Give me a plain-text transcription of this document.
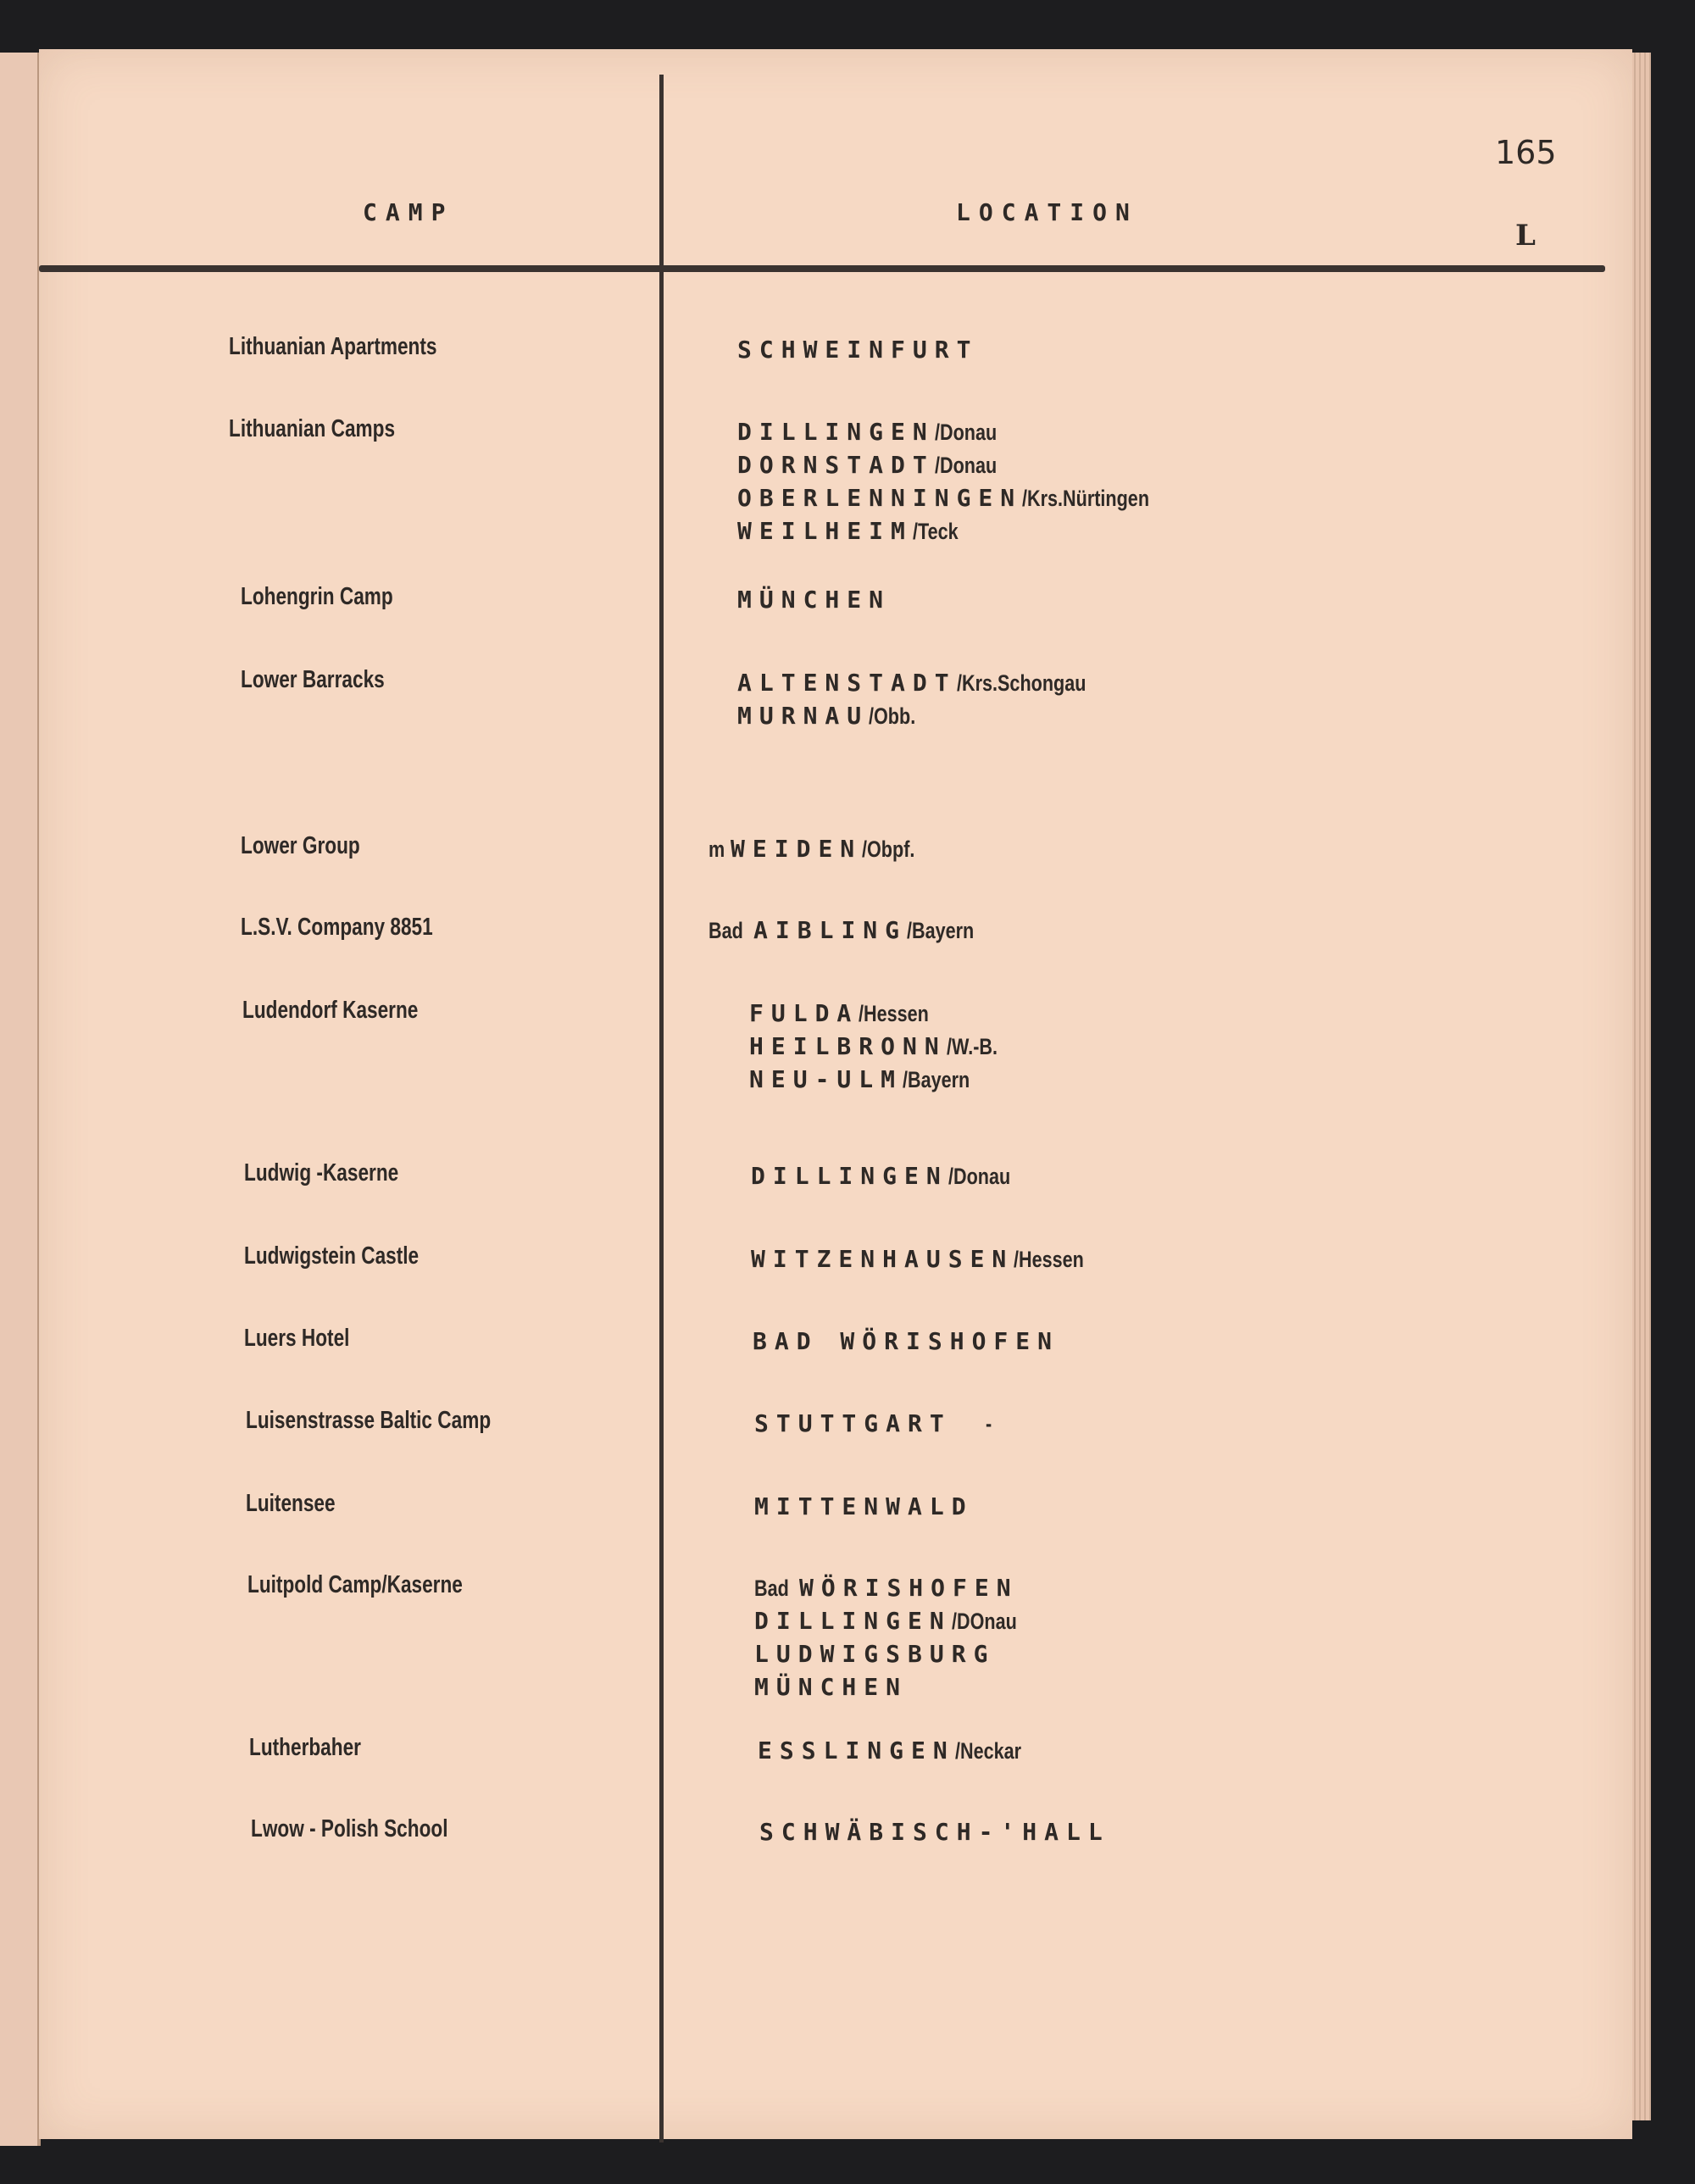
CAMP	LOCATION
165
L
Lithuanian Apartments	SCHWEINFURT
Lithuanian Camps	DILLINGEN/Donau
DORNSTADT/Donau
OBERLENNINGEN/Krs.Nürtingen
WEILHEIM/Teck
Lohengrin Camp	MÜNCHEN
Lower Barracks	ALTENSTADT/Krs.Schongau
MURNAU/Obb.
Lower Group	m WEIDEN/Obpf.
L.S.V. Company 8851	Bad AIBLING/Bayern
Ludendorf Kaserne	FULDA/Hessen
HEILBRONN/W.-B.
NEU-ULM/Bayern
Ludwig -Kaserne	DILLINGEN/Donau
Ludwigstein Castle	WITZENHAUSEN/Hessen
Luers Hotel	BAD WÖRISHOFEN
Luisenstrasse Baltic Camp	STUTTGART -
Luitensee	MITTENWALD
Luitpold Camp/Kaserne	Bad WÖRISHOFEN
DILLINGEN/DOnau
LUDWIGSBURG
MÜNCHEN
Lutherbaher	ESSLINGEN/Neckar
Lwow - Polish School	SCHWÄBISCH-'HALL
